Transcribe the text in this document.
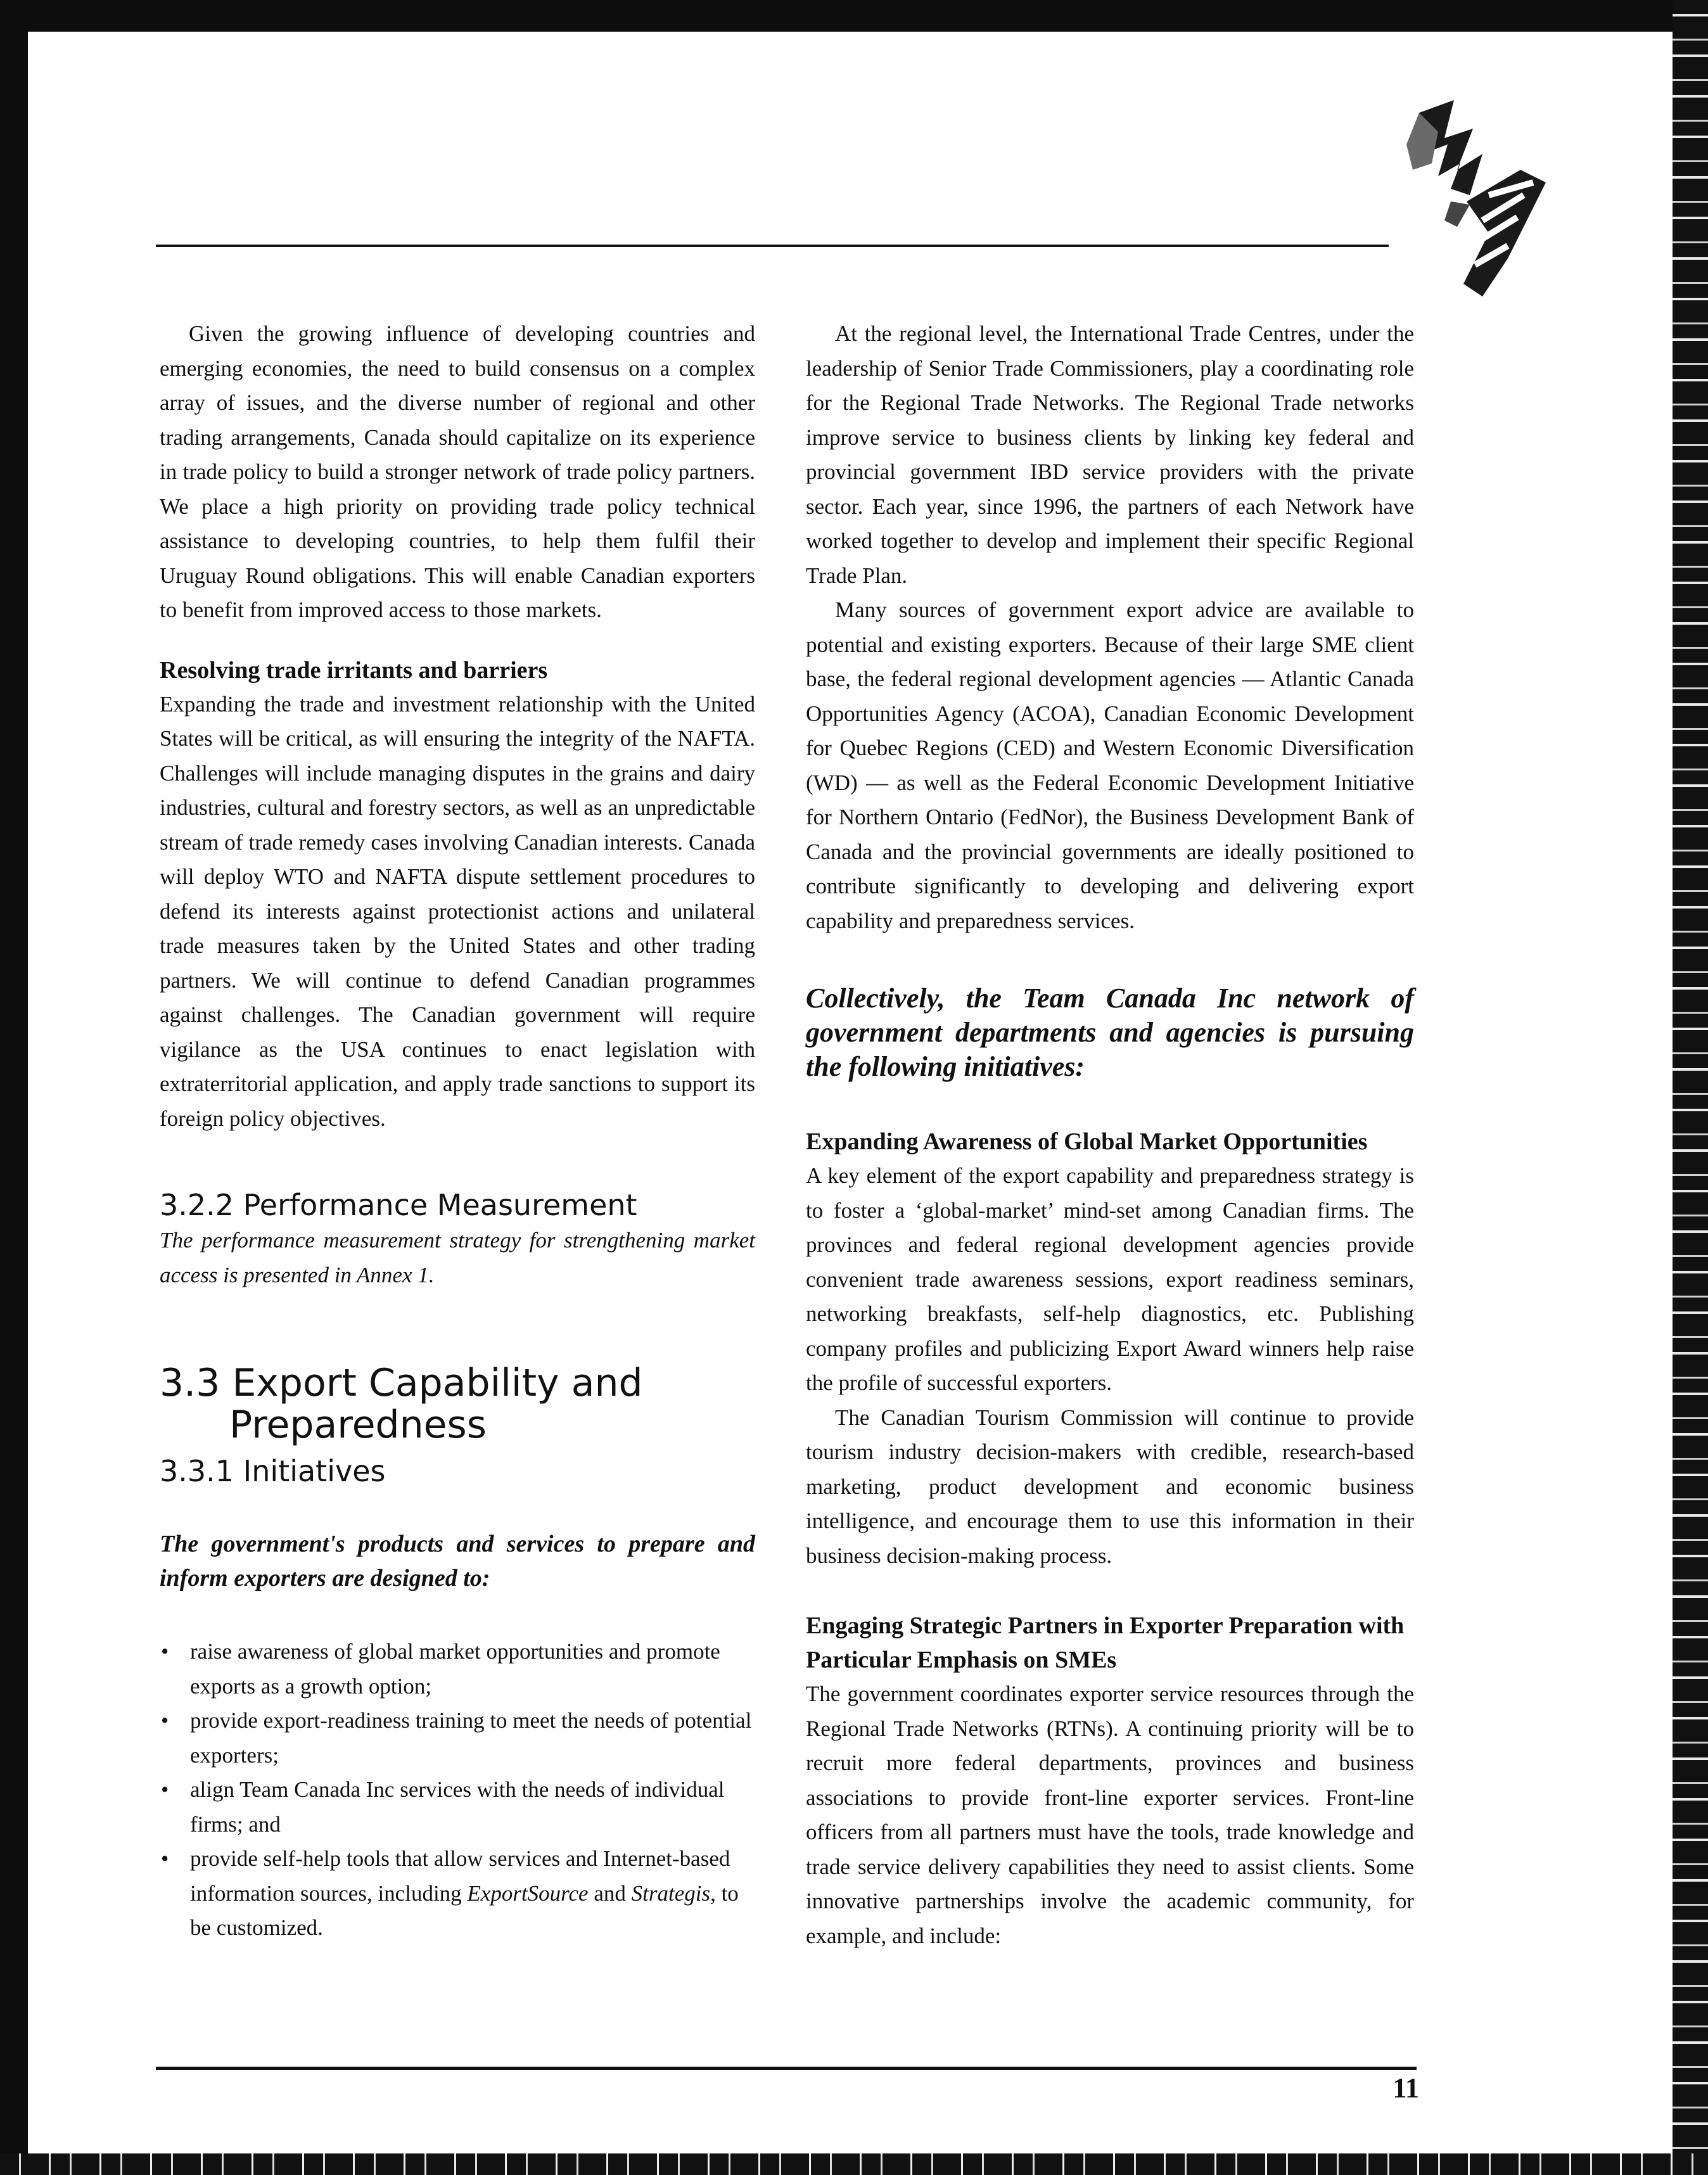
Given the growing influence of developing countries and emerging economies, the need to build consensus on a complex array of issues, and the diverse number of regional and other trading arrangements, Canada should capitalize on its experience in trade policy to build a stronger network of trade policy partners. We place a high priority on providing trade policy technical assistance to developing countries, to help them fulfil their Uruguay Round obligations. This will enable Canadian exporters to benefit from improved access to those markets.

Resolving trade irritants and barriers

Expanding the trade and investment relationship with the United States will be critical, as will ensuring the integrity of the NAFTA. Challenges will include managing disputes in the grains and dairy industries, cultural and forestry sectors, as well as an unpredictable stream of trade remedy cases involving Canadian interests. Canada will deploy WTO and NAFTA dispute settlement procedures to defend its interests against protectionist actions and unilateral trade measures taken by the United States and other trading partners. We will continue to defend Canadian programmes against challenges. The Canadian government will require vigilance as the USA continues to enact legislation with extraterritorial application, and apply trade sanctions to support its foreign policy objectives.

3.2.2 Performance Measurement

The performance measurement strategy for strengthening market access is presented in Annex 1.

3.3 Export Capability and
Preparedness
3.3.1 Initiatives

The government's products and services to prepare and inform exporters are designed to:

• raise awareness of global market opportunities and promote exports as a growth option;
• provide export-readiness training to meet the needs of potential exporters;
• align Team Canada Inc services with the needs of individual firms; and
• provide self-help tools that allow services and Internet-based information sources, including ExportSource and Strategis, to be customized.

At the regional level, the International Trade Centres, under the leadership of Senior Trade Commissioners, play a coordinating role for the Regional Trade Networks. The Regional Trade networks improve service to business clients by linking key federal and provincial government IBD service providers with the private sector. Each year, since 1996, the partners of each Network have worked together to develop and implement their specific Regional Trade Plan.

Many sources of government export advice are available to potential and existing exporters. Because of their large SME client base, the federal regional development agencies — Atlantic Canada Opportunities Agency (ACOA), Canadian Economic Development for Quebec Regions (CED) and Western Economic Diversification (WD) — as well as the Federal Economic Development Initiative for Northern Ontario (FedNor), the Business Development Bank of Canada and the provincial governments are ideally positioned to contribute significantly to developing and delivering export capability and preparedness services.

Collectively, the Team Canada Inc network of government departments and agencies is pursuing the following initiatives:

Expanding Awareness of Global Market Opportunities

A key element of the export capability and preparedness strategy is to foster a ‘global-market’ mind-set among Canadian firms. The provinces and federal regional development agencies provide convenient trade awareness sessions, export readiness seminars, networking breakfasts, self-help diagnostics, etc. Publishing company profiles and publicizing Export Award winners help raise the profile of successful exporters.

The Canadian Tourism Commission will continue to provide tourism industry decision-makers with credible, research-based marketing, product development and economic business intelligence, and encourage them to use this information in their business decision-making process.

Engaging Strategic Partners in Exporter Preparation with Particular Emphasis on SMEs

The government coordinates exporter service resources through the Regional Trade Networks (RTNs). A continuing priority will be to recruit more federal departments, provinces and business associations to provide front-line exporter services. Front-line officers from all partners must have the tools, trade knowledge and trade service delivery capabilities they need to assist clients. Some innovative partnerships involve the academic community, for example, and include:

11
